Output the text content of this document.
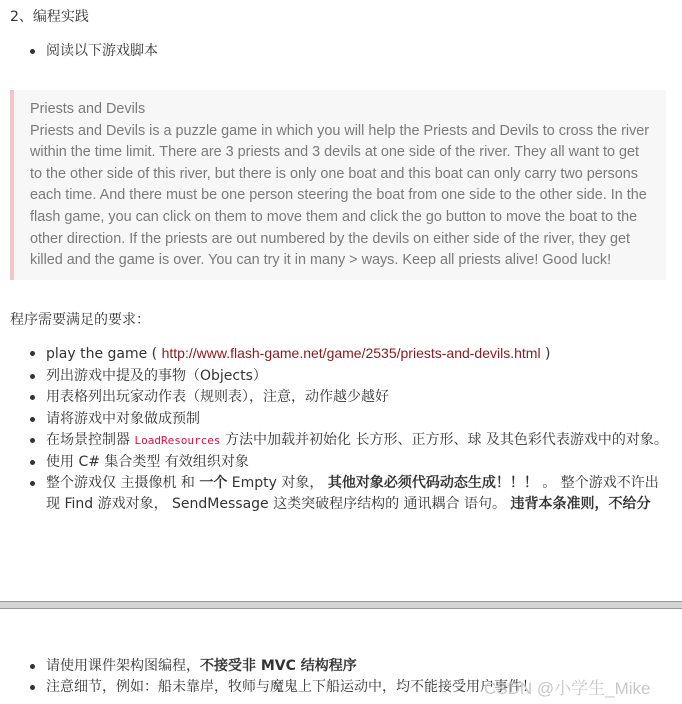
2、编程实践
阅读以下游戏脚本

Priests and Devils

Priests and Devils is a puzzle game in which you will help the Priests and Devils to cross the river within the time limit. There are 3 priests and 3 devils at one side of the river. They all want to get to the other side of this river, but there is only one boat and this boat can only carry two persons each time. And there must be one person steering the boat from one side to the other side. In the flash game, you can click on them to move them and click the go button to move the boat to the other direction. If the priests are out numbered by the devils on either side of the river, they get killed and the game is over. You can try it in many > ways. Keep all priests alive! Good luck!

程序需要满足的要求：
play the game ( http://www.flash-game.net/game/2535/priests-and-devils.html )
列出游戏中提及的事物（Objects）
用表格列出玩家动作表（规则表），注意，动作越少越好
请将游戏中对象做成预制
在场景控制器 LoadResources 方法中加载并初始化 长方形、正方形、球 及其色彩代表游戏中的对象。
使用 C# 集合类型 有效组织对象
整个游戏仅 主摄像机 和 一个 Empty 对象， 其他对象必须代码动态生成！！！ 。 整个游戏不许出现 Find 游戏对象， SendMessage 这类突破程序结构的 通讯耦合 语句。 违背本条准则，不给分
请使用课件架构图编程，不接受非 MVC 结构程序
注意细节，例如：船未靠岸，牧师与魔鬼上下船运动中，均不能接受用户事件！
CSDN @小学生_Mike
